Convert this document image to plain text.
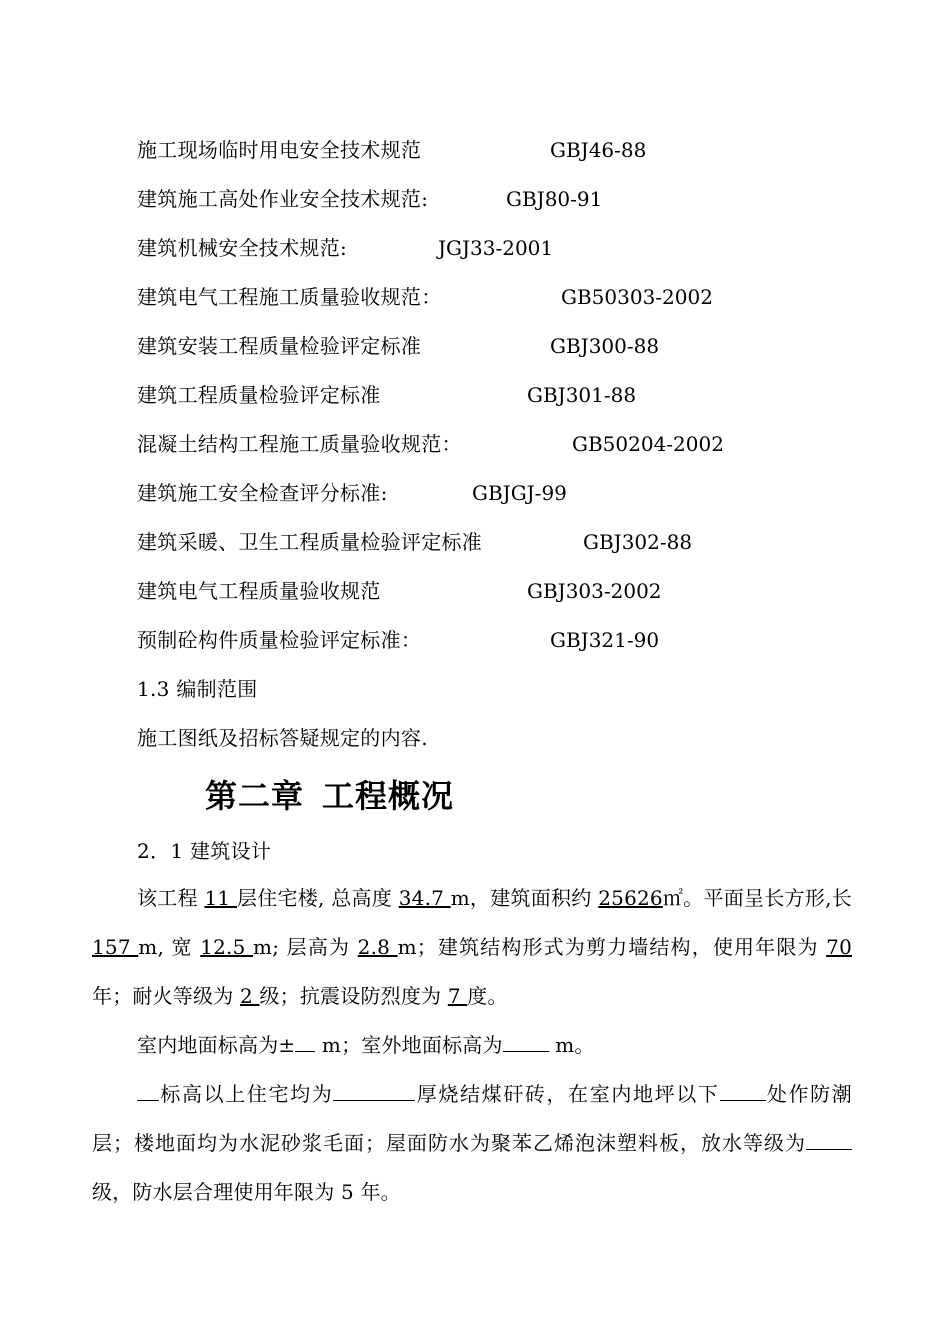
施工现场临时用电安全技术规范	GBJ46-88
建筑施工高处作业安全技术规范:	GBJ80-91
建筑机械安全技术规范:	JGJ33-2001
建筑电气工程施工质量验收规范：	GB50303-2002
建筑安装工程质量检验评定标准	GBJ300-88
建筑工程质量检验评定标准	GBJ301-88
混凝土结构工程施工质量验收规范：	GB50204-2002
建筑施工安全检查评分标准:	GBJGJ-99
建筑采暖、卫生工程质量检验评定标准	GBJ302-88
建筑电气工程质量验收规范	GBJ303-2002
预制砼构件质量检验评定标准：	GBJ321-90
1.3 编制范围
施工图纸及招标答疑规定的内容.
第二章 工程概况
2．1 建筑设计
该工程 11 层住宅楼, 总高度 34.7 m，建筑面积约 25626㎡。平面呈长方形,长 157 m, 宽 12.5 m; 层高为 2.8 m；建筑结构形式为剪力墙结构，使用年限为 70 年；耐火等级为 2 级；抗震设防烈度为 7 度。
室内地面标高为± m；室外地面标高为 m。
标高以上住宅均为	厚烧结煤矸砖，在室内地坪以下 处作防潮层；楼地面均为水泥砂浆毛面；屋面防水为聚苯乙烯泡沫塑料板，放水等级为级，防水层合理使用年限为 5 年。
